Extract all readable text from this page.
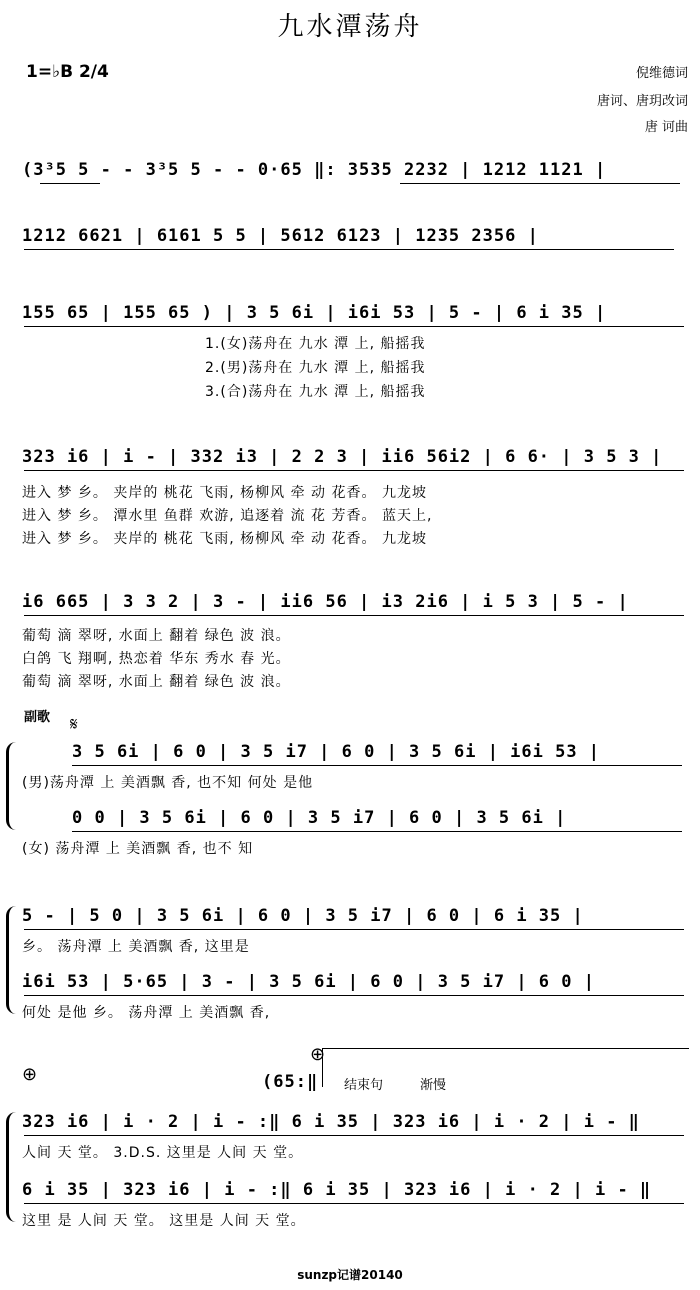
九水潭荡舟
1=♭B 2/4	倪维德词
唐诃、唐玥改词
唐 诃曲
(3³5 5 - - 3³5 5 - - 0·65 ‖: 3535 2232 | 1212 1121 |
1212 6621 | 6161 5 5 | 5612 6123 | 1235 2356 |
155 65 | 155 65 ) | 3 5 6i | i6i 53 | 5 - | 6 i 35 |
1.(女)荡舟在 九水 潭 上, 船摇我
2.(男)荡舟在 九水 潭 上, 船摇我
3.(合)荡舟在 九水 潭 上, 船摇我
323 i6 | i - | 332 i3 | 2 2 3 | ii6 56i2 | 6 6· | 3 5 3 |
进入 梦 乡。 夹岸的 桃花 飞雨, 杨柳风 牵 动 花香。 九龙坡
进入 梦 乡。 潭水里 鱼群 欢游, 追逐着 流 花 芳香。 蓝天上,
进入 梦 乡。 夹岸的 桃花 飞雨, 杨柳风 牵 动 花香。 九龙坡
i6 665 | 3 3 2 | 3 - | ii6 56 | i3 2i6 | i 5 3 | 5 - |
葡萄 滴 翠呀, 水面上 翻着 绿色 波 浪。
白鸽 飞 翔啊, 热恋着 华东 秀水 春 光。
葡萄 滴 翠呀, 水面上 翻着 绿色 波 浪。
副歌 𝄋
3 5 6i | 6 0 | 3 5 i7 | 6 0 | 3 5 6i | i6i 53 |
(男)荡舟潭 上 美酒飘 香, 也不知 何处 是他
0 0 | 3 5 6i | 6 0 | 3 5 i7 | 6 0 | 3 5 6i |
(女) 荡舟潭 上 美酒飘 香, 也不 知
5 - | 5 0 | 3 5 6i | 6 0 | 3 5 i7 | 6 0 | 6 i 35 |
乡。 荡舟潭 上 美酒飘 香, 这里是
i6i 53 | 5·65 | 3 - | 3 5 6i | 6 0 | 3 5 i7 | 6 0 |
何处 是他 乡。 荡舟潭 上 美酒飘 香,
⊕
⊕
(65:‖ 结束句	渐慢
323 i6 | i · 2 | i - :‖ 6 i 35 | 323 i6 | i · 2 | i - ‖
人间 天 堂。 3.D.S. 这里是 人间 天 堂。
6 i 35 | 323 i6 | i - :‖ 6 i 35 | 323 i6 | i · 2 | i - ‖
这里 是 人间 天 堂。 这里是 人间 天 堂。
sunzp记谱20140
